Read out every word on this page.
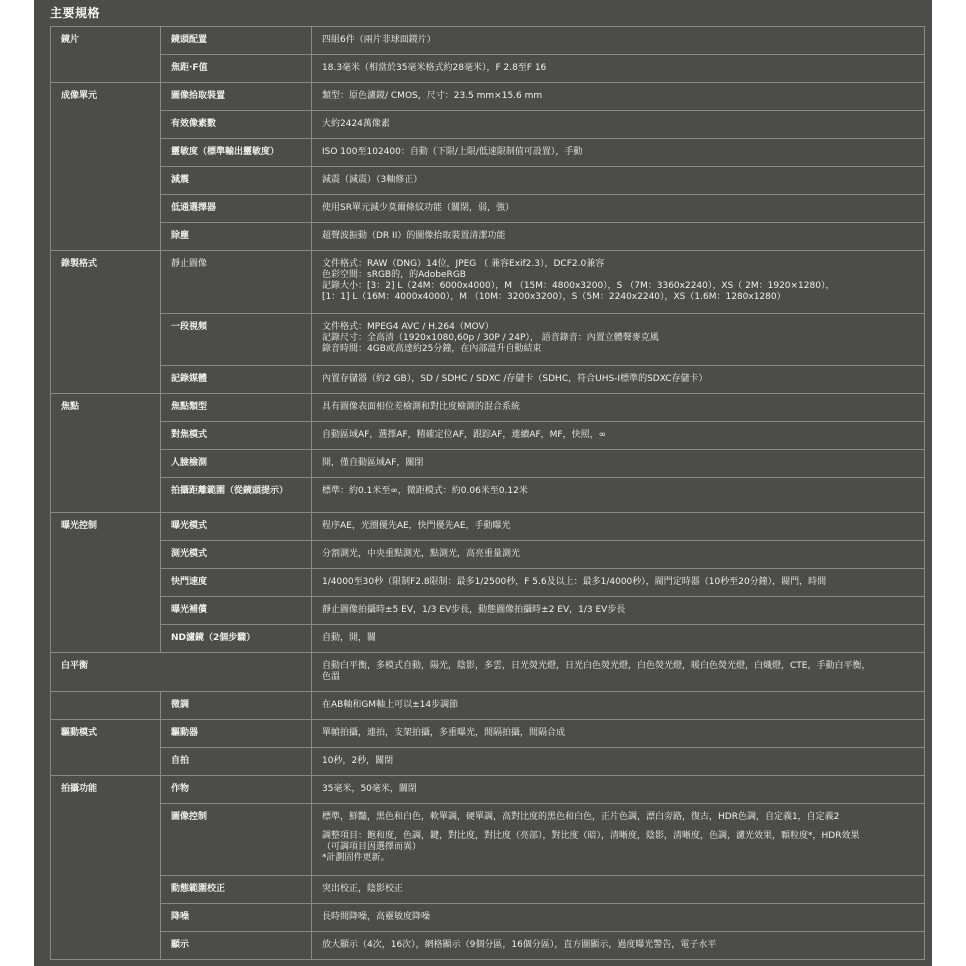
主要規格
鏡片	鏡頭配置	四組6件（兩片非球面鏡片）
	焦距·F值	18.3毫米（相當於35毫米格式約28毫米），F 2.8至F 16
成像單元	圖像拾取裝置	類型：原色濾鏡/ CMOS，尺寸：23.5 mm×15.6 mm
	有效像素數	大約2424萬像素
	靈敏度（標準輸出靈敏度）	ISO 100至102400：自動（下限/上限/低速限制值可設置），手動
	減震	減震（減震）（3軸修正）
	低通選擇器	使用SR單元減少莫爾條紋功能（關閉，弱，強）
	除塵	超聲波振動（DR II）的圖像拾取裝置清潔功能
錄製格式	靜止圖像	文件格式：RAW（DNG）14位，JPEG （ 兼容Exif2.3），DCF2.0兼容
色彩空間：sRGB的，的AdobeRGB
記錄大小：[3：2] L（24M：6000x4000），M （15M：4800x3200），S （7M：3360x2240），XS（ 2M：1920×1280），
[1：1] L（16M：4000x4000），M （10M：3200x3200），S（5M：2240x2240），XS（1.6M：1280x1280）
	一段視頻	文件格式：MPEG4 AVC / H.264（MOV）
記錄尺寸：全高清（1920x1080,60p / 30P / 24P）， 語音錄音：內置立體聲麥克風
錄音時間：4GB或高達約25分鐘，在內部溫升自動結束
	記錄媒體	內置存儲器（約2 GB），SD / SDHC / SDXC /存儲卡（SDHC，符合UHS-I標準的SDXC存儲卡）
焦點	焦點類型	具有圖像表面相位差檢測和對比度檢測的混合系統
	對焦模式	自動區域AF，選擇AF，精確定位AF，跟踪AF，連續AF，MF，快照，∞
	人臉檢測	開，僅自動區域AF，關閉
	拍攝距離範圍（從鏡頭提示）	標準：約0.1米至∞，微距模式：約0.06米至0.12米
曝光控制	曝光模式	程序AE，光圈優先AE，快門優先AE，手動曝光
	測光模式	分割測光，中央重點測光，點測光，高亮重量測光
	快門速度	1/4000至30秒（限制F2.8限制：最多1/2500秒，F 5.6及以上：最多1/4000秒），閥門定時器（10秒至20分鐘），閥門，時間
	曝光補償	靜止圖像拍攝時±5 EV，1/3 EV步長，動態圖像拍攝時±2 EV，1/3 EV步長
	ND濾鏡（2個步驟）	自動，開，關
白平衡		自動白平衡，多模式自動，陽光，陰影，多雲，日光熒光燈，日光白色熒光燈，白色熒光燈，暖白色熒光燈，白熾燈，CTE，手動白平衡，
色溫
	微調	在AB軸和GM軸上可以±14步調節
驅動模式	驅動器	單幀拍攝，連拍，支架拍攝，多重曝光，間隔拍攝，間隔合成
	自拍	10秒，2秒，關閉
拍攝功能	作物	35毫米，50毫米，關閉
	圖像控制	標準，鮮豔，黑色和白色，軟單調，硬單調，高對比度的黑色和白色，正片色調，漂白旁路，復古，HDR色調，自定義1，自定義2
調整項目：飽和度，色調，鍵，對比度，對比度（亮部），對比度（暗），清晰度，陰影，清晰度，色調，濾光效果，顆粒度*，HDR效果
（可調項目因選擇而異）
*計劃固件更新。

	動態範圍校正	突出校正，陰影校正
	降噪	長時間降噪，高靈敏度降噪
	顯示	放大顯示（4次，16次），網格顯示（9個分區，16個分區），直方圖顯示，過度曝光警告，電子水平
